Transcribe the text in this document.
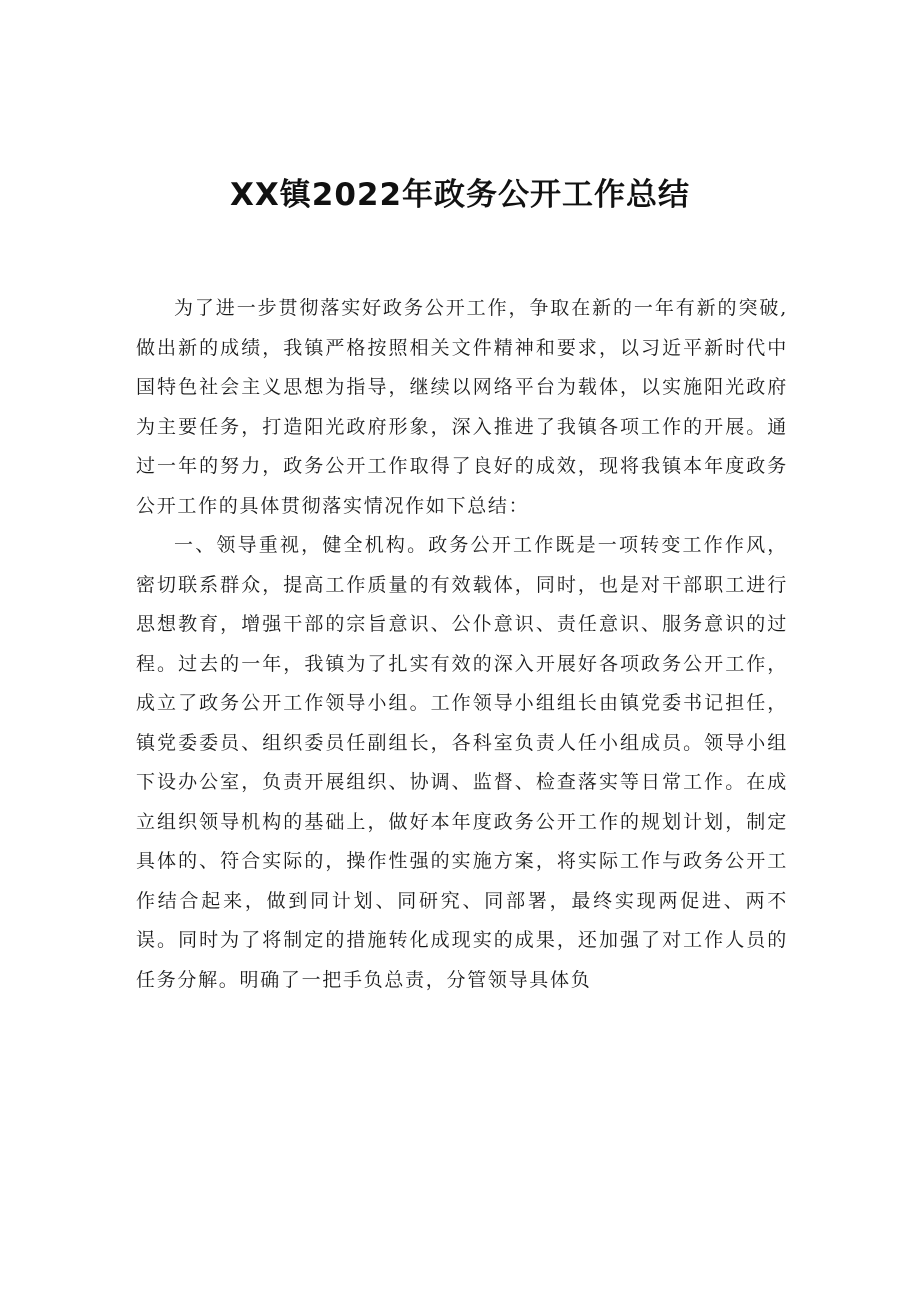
XX镇2022年政务公开工作总结

为了进一步贯彻落实好政务公开工作，争取在新的一年有新的突破,做出新的成绩，我镇严格按照相关文件精神和要求，以习近平新时代中国特色社会主义思想为指导，继续以网络平台为载体，以实施阳光政府为主要任务，打造阳光政府形象，深入推进了我镇各项工作的开展。通过一年的努力，政务公开工作取得了良好的成效，现将我镇本年度政务公开工作的具体贯彻落实情况作如下总结：

一、领导重视，健全机构。政务公开工作既是一项转变工作作风，密切联系群众，提高工作质量的有效载体，同时，也是对干部职工进行思想教育，增强干部的宗旨意识、公仆意识、责任意识、服务意识的过程。过去的一年，我镇为了扎实有效的深入开展好各项政务公开工作，成立了政务公开工作领导小组。工作领导小组组长由镇党委书记担任，镇党委委员、组织委员任副组长，各科室负责人任小组成员。领导小组下设办公室，负责开展组织、协调、监督、检查落实等日常工作。在成立组织领导机构的基础上，做好本年度政务公开工作的规划计划，制定具体的、符合实际的，操作性强的实施方案，将实际工作与政务公开工作结合起来，做到同计划、同研究、同部署，最终实现两促进、两不误。同时为了将制定的措施转化成现实的成果，还加强了对工作人员的任务分解。明确了一把手负总责，分管领导具体负
